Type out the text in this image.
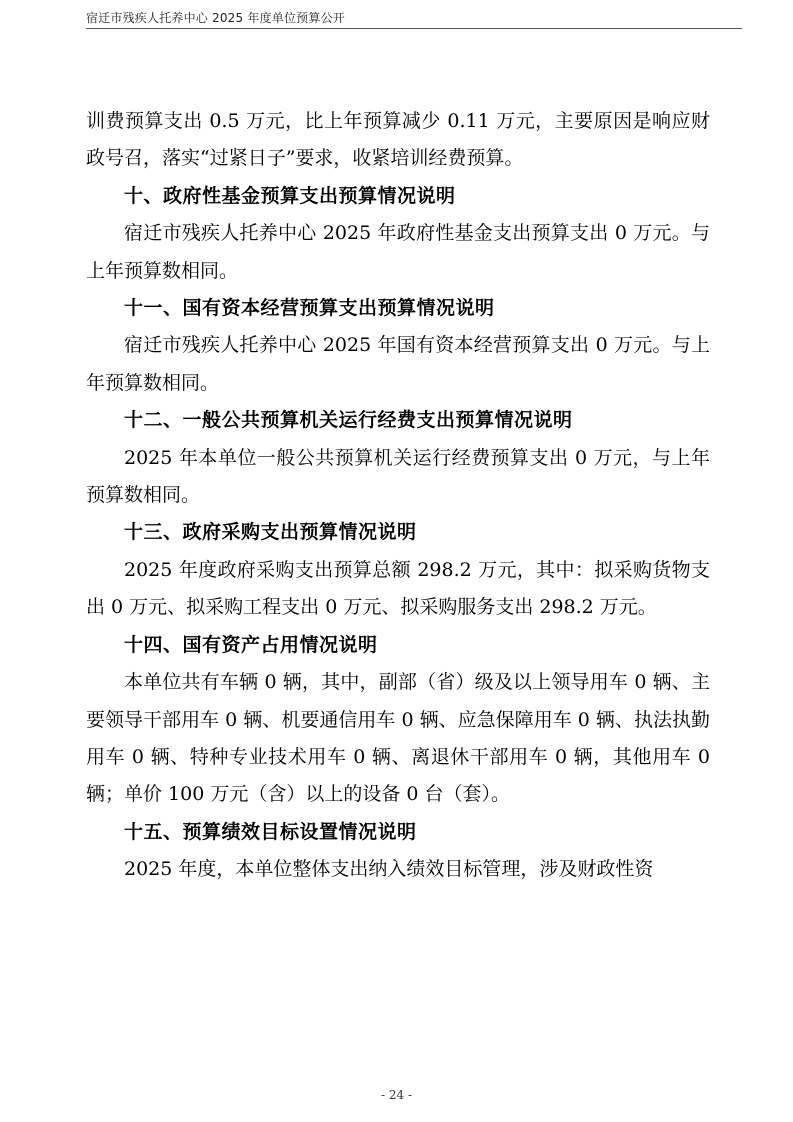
宿迁市残疾人托养中心 2025 年度单位预算公开

训费预算支出 0.5 万元，比上年预算减少 0.11 万元，主要原因是响应财政号召，落实“过紧日子”要求，收紧培训经费预算。

十、政府性基金预算支出预算情况说明

宿迁市残疾人托养中心 2025 年政府性基金支出预算支出 0 万元。与上年预算数相同。

十一、国有资本经营预算支出预算情况说明

宿迁市残疾人托养中心 2025 年国有资本经营预算支出 0 万元。与上年预算数相同。

十二、一般公共预算机关运行经费支出预算情况说明

2025 年本单位一般公共预算机关运行经费预算支出 0 万元，与上年预算数相同。

十三、政府采购支出预算情况说明

2025 年度政府采购支出预算总额 298.2 万元，其中：拟采购货物支出 0 万元、拟采购工程支出 0 万元、拟采购服务支出 298.2 万元。

十四、国有资产占用情况说明

本单位共有车辆 0 辆，其中，副部（省）级及以上领导用车 0 辆、主要领导干部用车 0 辆、机要通信用车 0 辆、应急保障用车 0 辆、执法执勤用车 0 辆、特种专业技术用车 0 辆、离退休干部用车 0 辆，其他用车 0 辆；单价 100 万元（含）以上的设备 0 台（套）。

十五、预算绩效目标设置情况说明

2025 年度，本单位整体支出纳入绩效目标管理，涉及财政性资

- 24 -
